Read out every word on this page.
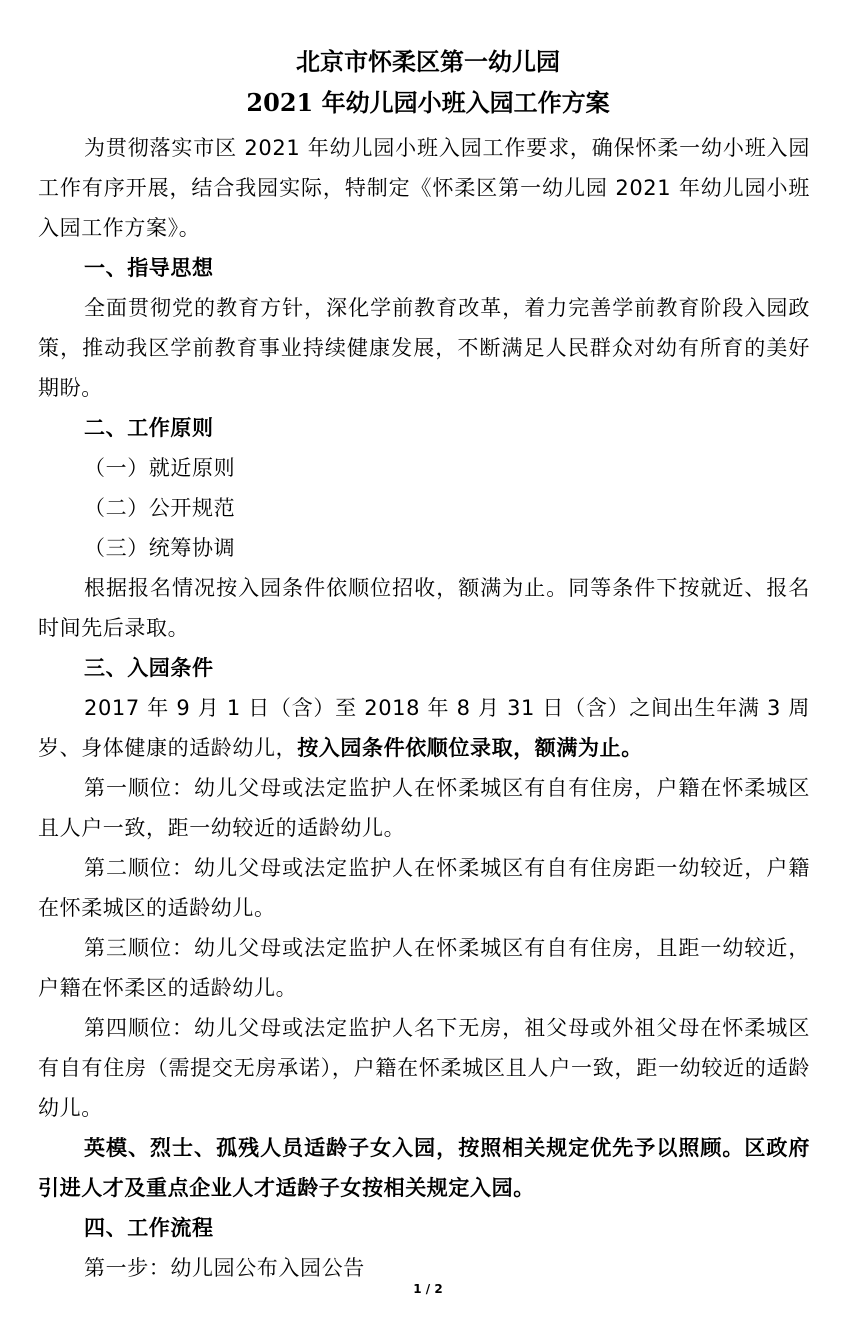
北京市怀柔区第一幼儿园
2021 年幼儿园小班入园工作方案

为贯彻落实市区 2021 年幼儿园小班入园工作要求，确保怀柔一幼小班入园工作有序开展，结合我园实际，特制定《怀柔区第一幼儿园 2021 年幼儿园小班入园工作方案》。

一、指导思想

全面贯彻党的教育方针，深化学前教育改革，着力完善学前教育阶段入园政策，推动我区学前教育事业持续健康发展，不断满足人民群众对幼有所育的美好期盼。

二、工作原则

（一）就近原则

（二）公开规范

（三）统筹协调

根据报名情况按入园条件依顺位招收，额满为止。同等条件下按就近、报名时间先后录取。

三、入园条件

2017 年 9 月 1 日（含）至 2018 年 8 月 31 日（含）之间出生年满 3 周岁、身体健康的适龄幼儿，按入园条件依顺位录取，额满为止。

第一顺位：幼儿父母或法定监护人在怀柔城区有自有住房，户籍在怀柔城区且人户一致，距一幼较近的适龄幼儿。

第二顺位：幼儿父母或法定监护人在怀柔城区有自有住房距一幼较近，户籍在怀柔城区的适龄幼儿。

第三顺位：幼儿父母或法定监护人在怀柔城区有自有住房，且距一幼较近，户籍在怀柔区的适龄幼儿。

第四顺位：幼儿父母或法定监护人名下无房，祖父母或外祖父母在怀柔城区有自有住房（需提交无房承诺），户籍在怀柔城区且人户一致，距一幼较近的适龄幼儿。

英模、烈士、孤残人员适龄子女入园，按照相关规定优先予以照顾。区政府引进人才及重点企业人才适龄子女按相关规定入园。

四、工作流程

第一步：幼儿园公布入园公告

1 / 2
